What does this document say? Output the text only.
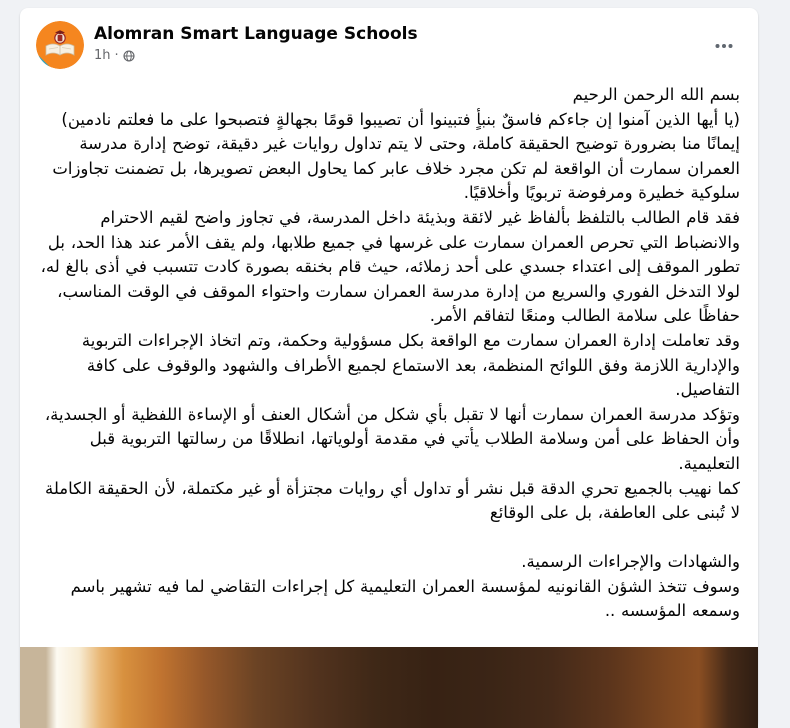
Alomran Smart Language Schools
1h ·
بسم الله الرحمن الرحيم
(يا أيها الذين آمنوا إن جاءكم فاسقٌ بنبأٍ فتبينوا أن تصيبوا قومًا بجهالةٍ فتصبحوا على ما فعلتم نادمين)
إيمانًا منا بضرورة توضيح الحقيقة كاملة، وحتى لا يتم تداول روايات غير دقيقة، توضح إدارة مدرسة العمران سمارت أن الواقعة لم تكن مجرد خلاف عابر كما يحاول البعض تصويرها، بل تضمنت تجاوزات سلوكية خطيرة ومرفوضة تربويًا وأخلاقيًا.
فقد قام الطالب بالتلفظ بألفاظ غير لائقة وبذيئة داخل المدرسة، في تجاوز واضح لقيم الاحترام والانضباط التي تحرص العمران سمارت على غرسها في جميع طلابها، ولم يقف الأمر عند هذا الحد، بل تطور الموقف إلى اعتداء جسدي على أحد زملائه، حيث قام بخنقه بصورة كادت تتسبب في أذى بالغ له، لولا التدخل الفوري والسريع من إدارة مدرسة العمران سمارت واحتواء الموقف في الوقت المناسب، حفاظًا على سلامة الطالب ومنعًا لتفاقم الأمر.
وقد تعاملت إدارة العمران سمارت مع الواقعة بكل مسؤولية وحكمة، وتم اتخاذ الإجراءات التربوية والإدارية اللازمة وفق اللوائح المنظمة، بعد الاستماع لجميع الأطراف والشهود والوقوف على كافة التفاصيل.
وتؤكد مدرسة العمران سمارت أنها لا تقبل بأي شكل من أشكال العنف أو الإساءة اللفظية أو الجسدية، وأن الحفاظ على أمن وسلامة الطلاب يأتي في مقدمة أولوياتها، انطلاقًا من رسالتها التربوية قبل التعليمية.
كما نهيب بالجميع تحري الدقة قبل نشر أو تداول أي روايات مجتزأة أو غير مكتملة، لأن الحقيقة الكاملة لا تُبنى على العاطفة، بل على الوقائع
والشهادات والإجراءات الرسمية.
وسوف تتخذ الشؤن القانونيه لمؤسسة العمران التعليمية كل إجراءات التقاضي لما فيه تشهير باسم وسمعه المؤسسه ..
